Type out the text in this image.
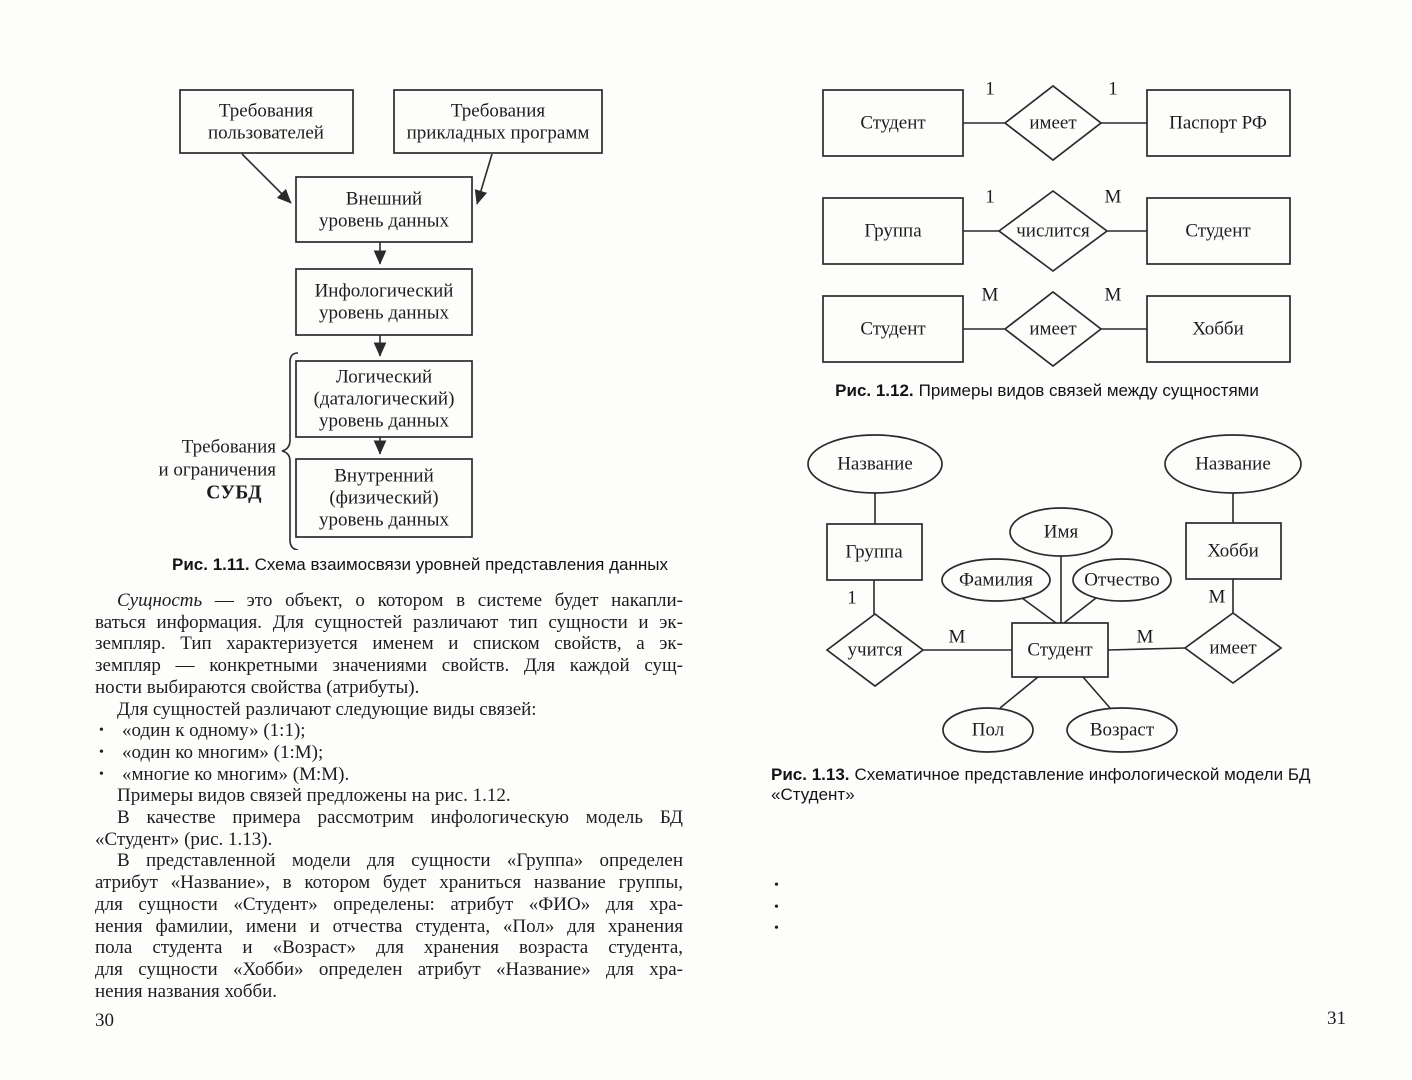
Требования
пользователей
Требования
прикладных программ
Внешний
уровень данных
Инфологический
уровень данных
Логический
(даталогический)
уровень данных
Внутренний
(физический)
уровень данных
Требования
и ограничения
СУБД
Рис. 1.11. Схема взаимосвязи уровней представления данных
Сущность — это объект, о котором в системе будет накапли-
ваться информация. Для сущностей различают тип сущности и эк-
земпляр. Тип характеризуется именем и списком свойств, а эк-
земпляр — конкретными значениями свойств. Для каждой сущ-
ности выбираются свойства (атрибуты).
Для сущностей различают следующие виды связей:
• «один к одному» (1:1);
• «один ко многим» (1:М);
• «многие ко многим» (М:М).
Примеры видов связей предложены на рис. 1.12.
В качестве примера рассмотрим инфологическую модель БД
«Студент» (рис. 1.13).
В представленной модели для сущности «Группа» определен
атрибут «Название», в котором будет храниться название группы,
для сущности «Студент» определены: атрибут «ФИО» для хра-
нения фамилии, имени и отчества студента, «Пол» для хранения
пола студента и «Возраст» для хранения возраста студента,
для сущности «Хобби» определен атрибут «Название» для хра-
нения названия хобби.
30
Студент	имеет	Паспорт РФ
1	1
Группа	числится	Студент
1	М
Студент	имеет	Хобби
М	М
Рис. 1.12. Примеры видов связей между сущностями
Название	Название
Имя
Фамилия	Отчество
Пол	Возраст
Группа	Хобби
Студент
учится	имеет
1	М
М	М
Рис. 1.13. Схематичное представление инфологической модели БД «Студент»
•
•
•
31
